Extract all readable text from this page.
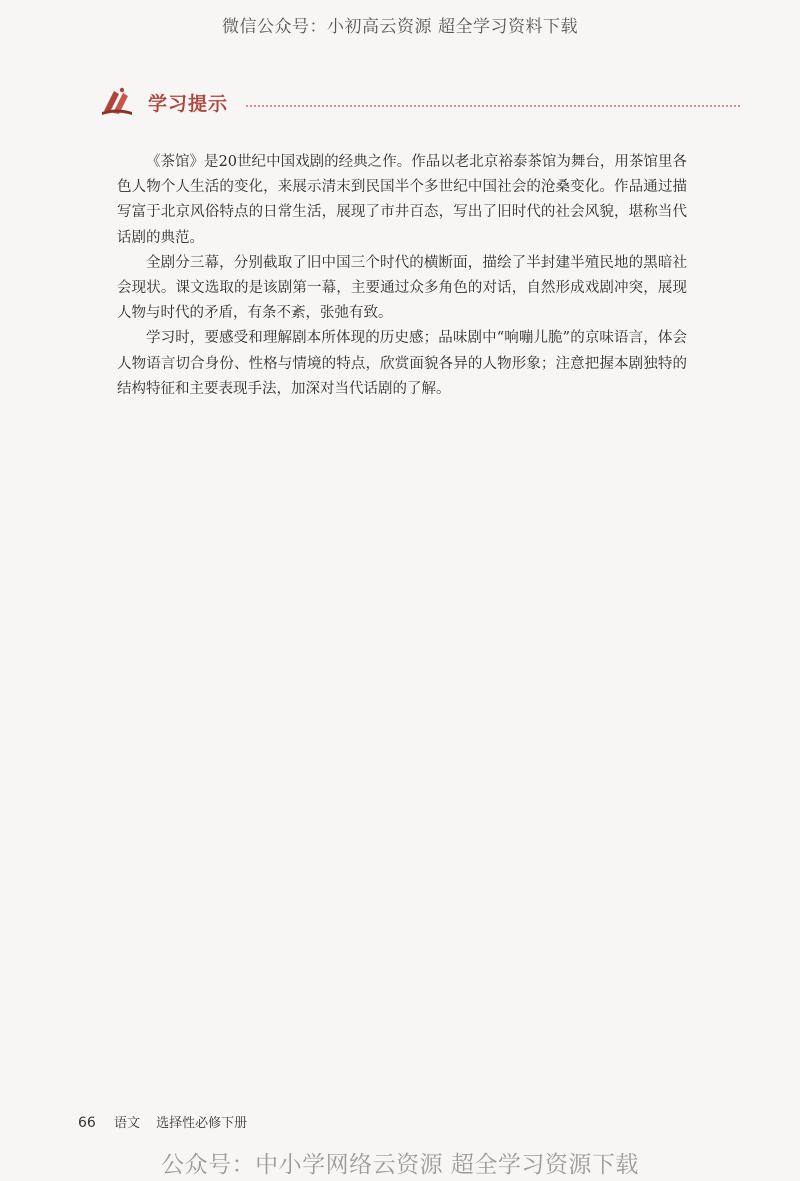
微信公众号：小初高云资源 超全学习资料下载
学习提示

《茶馆》是20世纪中国戏剧的经典之作。作品以老北京裕泰茶馆为舞台，用茶馆里各色人物个人生活的变化，来展示清末到民国半个多世纪中国社会的沧桑变化。作品通过描写富于北京风俗特点的日常生活，展现了市井百态，写出了旧时代的社会风貌，堪称当代话剧的典范。

全剧分三幕，分别截取了旧中国三个时代的横断面，描绘了半封建半殖民地的黑暗社会现状。课文选取的是该剧第一幕，主要通过众多角色的对话，自然形成戏剧冲突，展现人物与时代的矛盾，有条不紊，张弛有致。

学习时，要感受和理解剧本所体现的历史感；品味剧中“响嘣儿脆”的京味语言，体会人物语言切合身份、性格与情境的特点，欣赏面貌各异的人物形象；注意把握本剧独特的结构特征和主要表现手法，加深对当代话剧的了解。

66 语文 选择性必修下册
公众号：中小学网络云资源 超全学习资源下载
